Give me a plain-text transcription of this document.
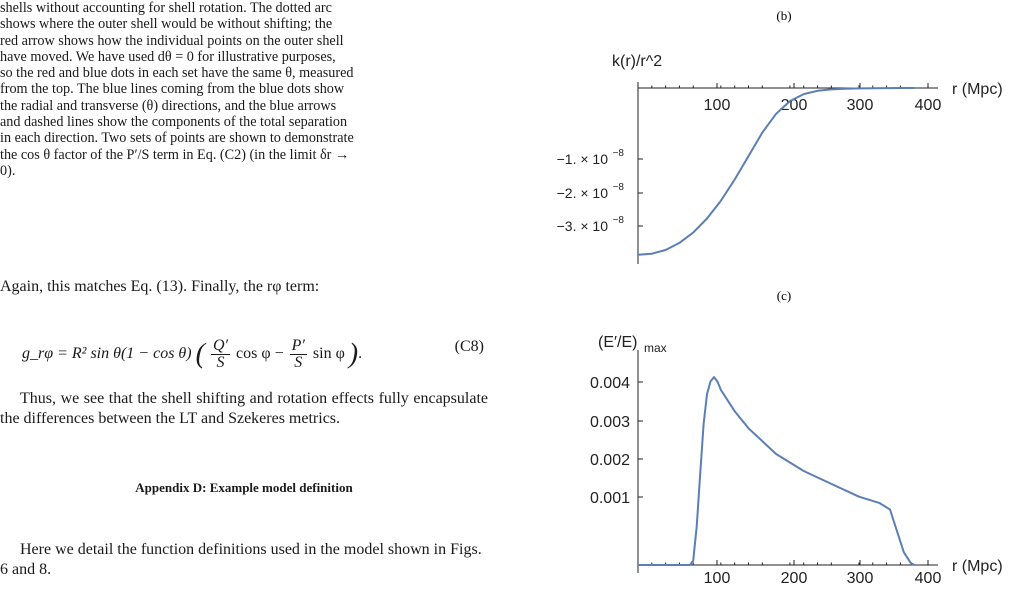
shells without accounting for shell rotation. The dotted arc
shows where the outer shell would be without shifting; the
red arrow shows how the individual points on the outer shell
have moved. We have used dθ = 0 for illustrative purposes,
so the red and blue dots in each set have the same θ, measured
from the top. The blue lines coming from the blue dots show
the radial and transverse (θ) directions, and the blue arrows
and dashed lines show the components of the total separation
in each direction. Two sets of points are shown to demonstrate
the cos θ factor of the P′/S term in Eq. (C2) (in the limit δr →
0).
Again, this matches Eq. (13). Finally, the rφ term:
g_rφ = R² sin θ(1 − cos θ) ( $\frac{Q'}{S}$ $\cos \varphi - \frac{P'}{S}$ sin φ ).	(C8)
Thus, we see that the shell shifting and rotation effects fully encapsulate the differences between the LT and Szekeres metrics.
Appendix D: Example model definition
Here we detail the function definitions used in the model shown in Figs. 6 and 8.
(b)
(c)
100	200 300	400
r (Mpc)
−1. × 10 −8
−2. × 10 −8
−3. × 10 −8
k(r)/r^2
100	200 300	400
r (Mpc)
0.004
0.003
0.002
0.001
(E′/E) max
